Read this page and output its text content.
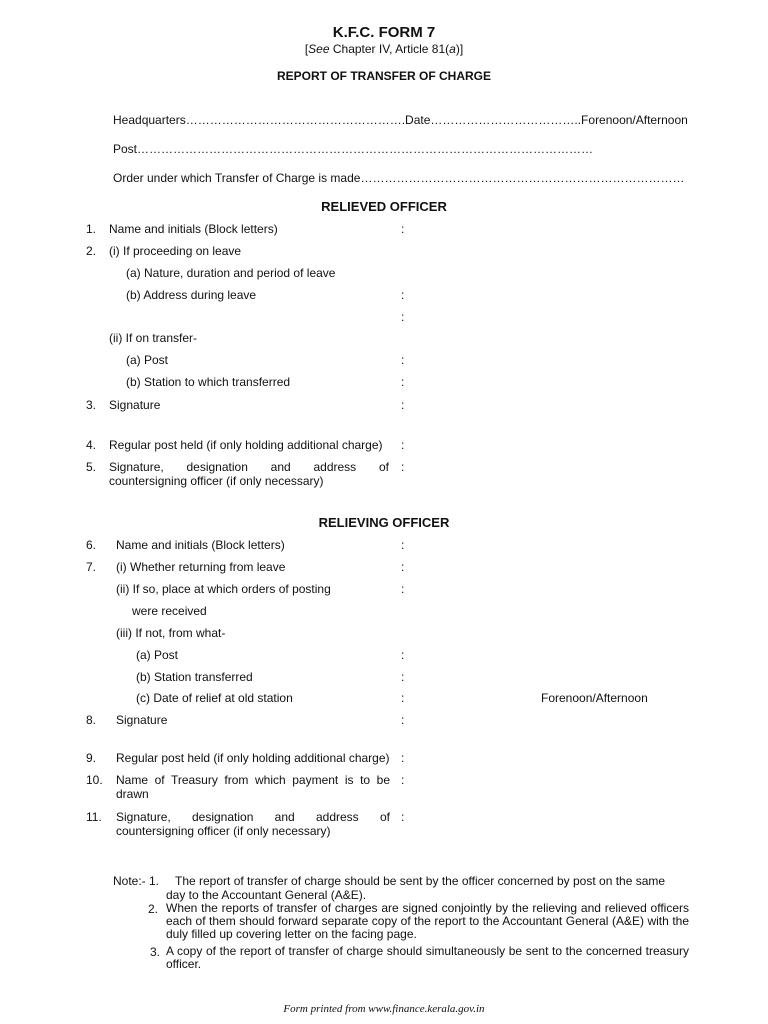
K.F.C. FORM 7
[See Chapter IV, Article 81(a)]
REPORT OF TRANSFER OF CHARGE
Headquarters……………………………………………….Date………………………………..Forenoon/Afternoon
Post……………………………………………………………………………………………………
Order under which Transfer of Charge is made………………………………………………………………………
RELIEVED OFFICER
1.	Name and initials (Block letters)	:
2.	(i) If proceeding on leave
(a) Nature, duration and period of leave
(b) Address during leave	:
:
(ii) If on transfer-
(a) Post	:
(b) Station to which transferred	:
3.	Signature	:
4.	Regular post held (if only holding additional charge) :
5.	Signature, designation and address of
countersigning officer (if only necessary)
:
RELIEVING OFFICER
6.	Name and initials (Block letters)	:
7.	(i) Whether returning from leave	:
(ii) If so, place at which orders of posting	:
were received
(iii) If not, from what-
(a) Post	:
(b) Station transferred	:
(c) Date of relief at old station	:	Forenoon/Afternoon
8.	Signature	:
9.	Regular post held (if only holding additional charge) :
10.	Name of Treasury from which payment is to be
drawn
:
11.	Signature, designation and address of
countersigning officer (if only necessary)
:
Note:- 1. The report of transfer of charge should be sent by the officer concerned by post on the same
day to the Accountant General (A&E).
2. When the reports of transfer of charges are signed conjointly by the relieving and relieved officers each of them should forward separate copy of the report to the Accountant General (A&E) with the duly filled up covering letter on the facing page.
3. A copy of the report of transfer of charge should simultaneously be sent to the concerned treasury officer.
Form printed from www.finance.kerala.gov.in
